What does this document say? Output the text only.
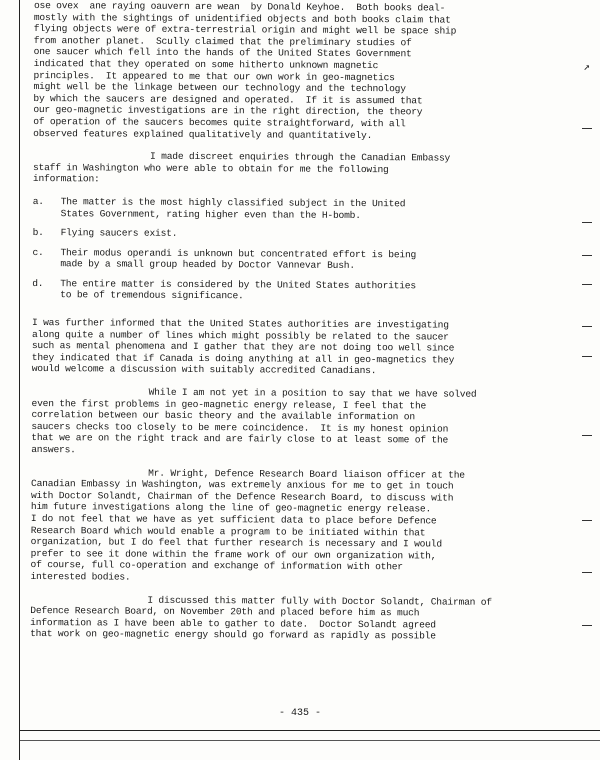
↗
ose ovex  ane raying oauvern are wean  by Donald Keyhoe.  Both books deal-
mostly with the sightings of unidentified objects and both books claim that
flying objects were of extra-terrestrial origin and might well be space ship
from another planet.  Scully claimed that the preliminary studies of
one saucer which fell into the hands of the United States Government
indicated that they operated on some hitherto unknown magnetic
principles.  It appeared to me that our own work in geo-magnetics
might well be the linkage between our technology and the technology
by which the saucers are designed and operated.  If it is assumed that
our geo-magnetic investigations are in the right direction, the theory
of operation of the saucers becomes quite straightforward, with all
observed features explained qualitatively and quantitatively.
I made discreet enquiries through the Canadian Embassy
staff in Washington who were able to obtain for me the following
information:
a.	The matter is the most highly classified subject in the United
States Government, rating higher even than the H-bomb.
b.	Flying saucers exist.
c.	Their modus operandi is unknown but concentrated effort is being
made by a small group headed by Doctor Vannevar Bush.
d.	The entire matter is considered by the United States authorities
to be of tremendous significance.
I was further informed that the United States authorities are investigating
along quite a number of lines which might possibly be related to the saucer
such as mental phenomena and I gather that they are not doing too well since
they indicated that if Canada is doing anything at all in geo-magnetics they
would welcome a discussion with suitably accredited Canadians.
While I am not yet in a position to say that we have solved
even the first problems in geo-magnetic energy release, I feel that the
correlation between our basic theory and the available information on
saucers checks too closely to be mere coincidence.  It is my honest opinion
that we are on the right track and are fairly close to at least some of the
answers.
Mr. Wright, Defence Research Board liaison officer at the
Canadian Embassy in Washington, was extremely anxious for me to get in touch
with Doctor Solandt, Chairman of the Defence Research Board, to discuss with
him future investigations along the line of geo-magnetic energy release.
I do not feel that we have as yet sufficient data to place before Defence
Research Board which would enable a program to be initiated within that
organization, but I do feel that further research is necessary and I would
prefer to see it done within the frame work of our own organization with,
of course, full co-operation and exchange of information with other
interested bodies.
I discussed this matter fully with Doctor Solandt, Chairman of
Defence Research Board, on November 20th and placed before him as much
information as I have been able to gather to date.  Doctor Solandt agreed
that work on geo-magnetic energy should go forward as rapidly as possible
- 435 -
